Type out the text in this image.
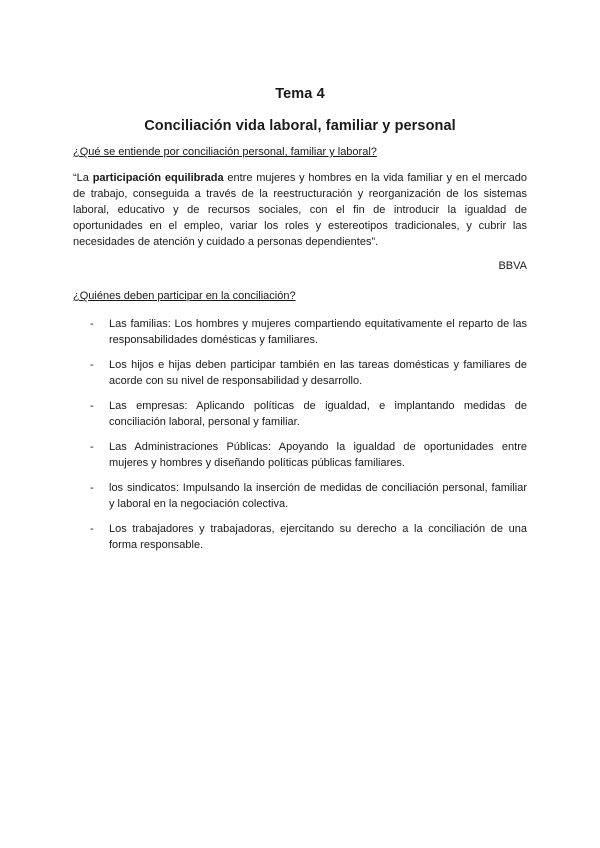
Tema 4
Conciliación vida laboral, familiar y personal

¿Qué se entiende por conciliación personal, familiar y laboral?

“La participación equilibrada entre mujeres y hombres en la vida familiar y en el mercado de trabajo, conseguida a través de la reestructuración y reorganización de los sistemas laboral, educativo y de recursos sociales, con el fin de introducir la igualdad de oportunidades en el empleo, variar los roles y estereotipos tradicionales, y cubrir las necesidades de atención y cuidado a personas dependientes”.

BBVA

¿Quiénes deben participar en la conciliación?

- Las familias: Los hombres y mujeres compartiendo equitativamente el reparto de las responsabilidades domésticas y familiares.
- Los hijos e hijas deben participar también en las tareas domésticas y familiares de acorde con su nivel de responsabilidad y desarrollo.
- Las empresas: Aplicando políticas de igualdad, e implantando medidas de conciliación laboral, personal y familiar.
- Las Administraciones Públicas: Apoyando la igualdad de oportunidades entre mujeres y hombres y diseñando políticas públicas familiares.
- los sindicatos: Impulsando la inserción de medidas de conciliación personal, familiar y laboral en la negociación colectiva.
- Los trabajadores y trabajadoras, ejercitando su derecho a la conciliación de una forma responsable.
